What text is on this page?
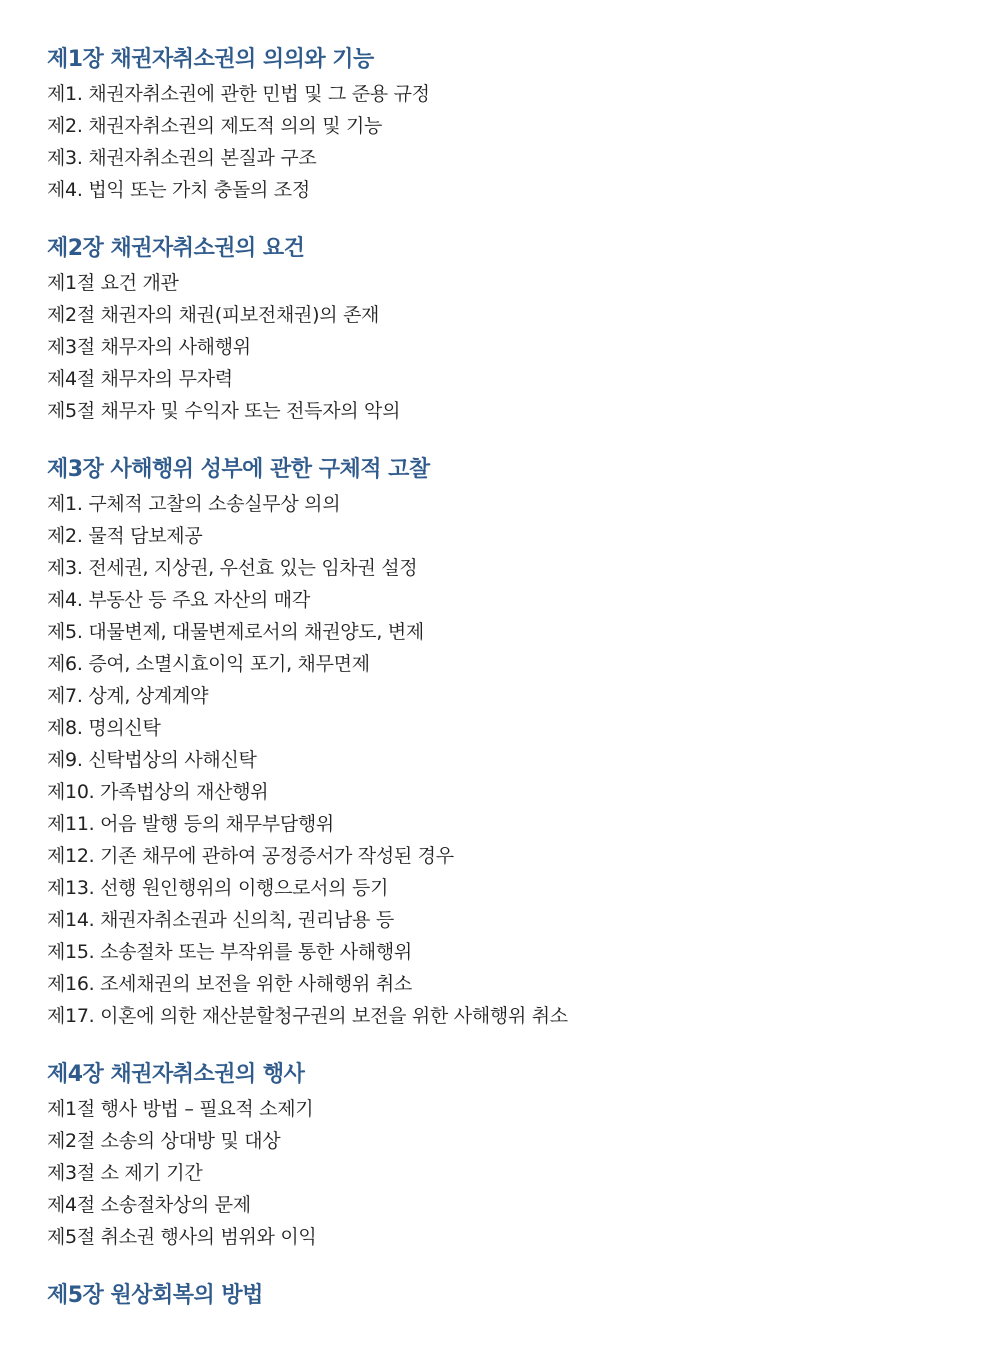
제1장 채권자취소권의 의의와 기능
제1. 채권자취소권에 관한 민법 및 그 준용 규정
제2. 채권자취소권의 제도적 의의 및 기능
제3. 채권자취소권의 본질과 구조
제4. 법익 또는 가치 충돌의 조정
제2장 채권자취소권의 요건
제1절 요건 개관
제2절 채권자의 채권(피보전채권)의 존재
제3절 채무자의 사해행위
제4절 채무자의 무자력
제5절 채무자 및 수익자 또는 전득자의 악의
제3장 사해행위 성부에 관한 구체적 고찰
제1. 구체적 고찰의 소송실무상 의의
제2. 물적 담보제공
제3. 전세권, 지상권, 우선효 있는 임차권 설정
제4. 부동산 등 주요 자산의 매각
제5. 대물변제, 대물변제로서의 채권양도, 변제
제6. 증여, 소멸시효이익 포기, 채무면제
제7. 상계, 상계계약
제8. 명의신탁
제9. 신탁법상의 사해신탁
제10. 가족법상의 재산행위
제11. 어음 발행 등의 채무부담행위
제12. 기존 채무에 관하여 공정증서가 작성된 경우
제13. 선행 원인행위의 이행으로서의 등기
제14. 채권자취소권과 신의칙, 권리남용 등
제15. 소송절차 또는 부작위를 통한 사해행위
제16. 조세채권의 보전을 위한 사해행위 취소
제17. 이혼에 의한 재산분할청구권의 보전을 위한 사해행위 취소
제4장 채권자취소권의 행사
제1절 행사 방법 – 필요적 소제기
제2절 소송의 상대방 및 대상
제3절 소 제기 기간
제4절 소송절차상의 문제
제5절 취소권 행사의 범위와 이익
제5장 원상회복의 방법
